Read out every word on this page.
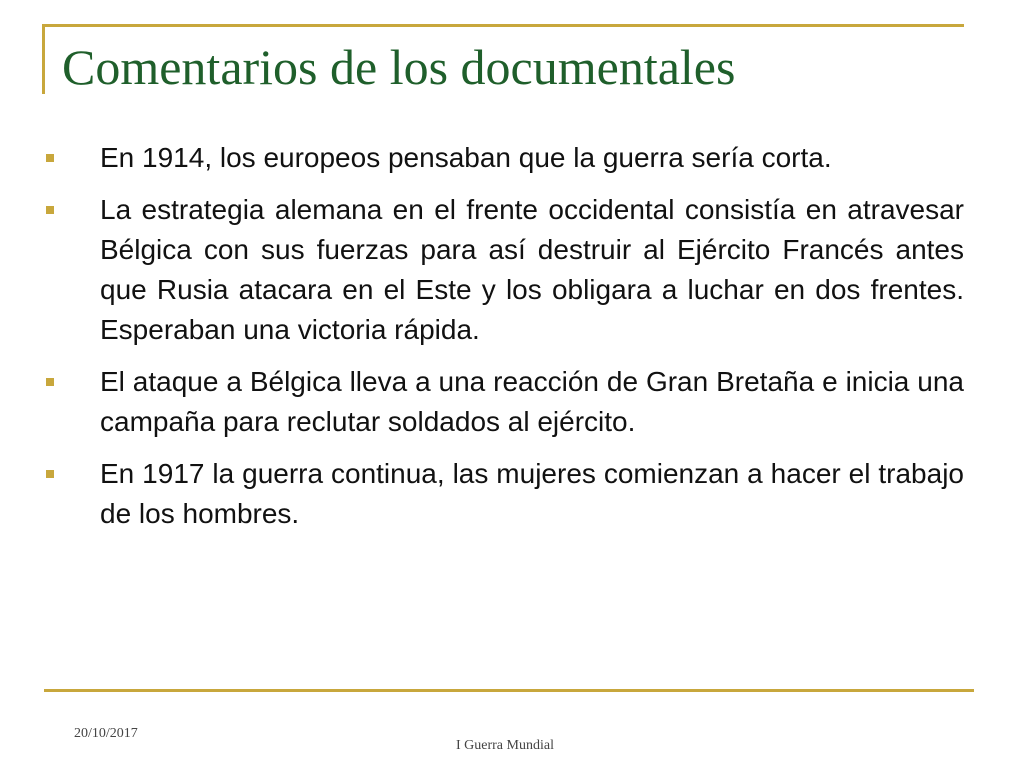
Comentarios de los documentales
En 1914, los europeos pensaban que la guerra sería corta.
La estrategia alemana en el frente occidental consistía en atravesar Bélgica con sus fuerzas para así destruir al Ejército Francés antes que Rusia atacara en el Este y los obligara a luchar en dos frentes. Esperaban una victoria rápida.
El ataque a Bélgica lleva a una reacción de Gran Bretaña e inicia una campaña para reclutar soldados al ejército.
En 1917 la guerra continua, las mujeres comienzan a hacer el trabajo de los hombres.
20/10/2017
I Guerra Mundial
